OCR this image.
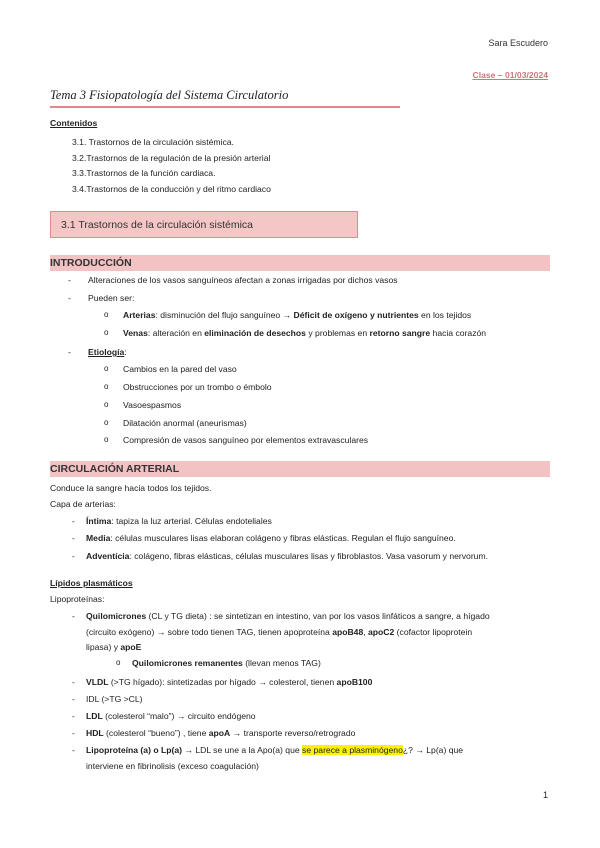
Sara Escudero
Clase – 01/03/2024
Tema 3 Fisiopatología del Sistema Circulatorio
Contenidos
3.1. Trastornos de la circulación sistémica.
3.2.Trastornos de la regulación de la presión arterial
3.3.Trastornos de la función cardiaca.
3.4.Trastornos de la conducción y del ritmo cardiaco
3.1 Trastornos de la circulación sistémica
INTRODUCCIÓN
- Alteraciones de los vasos sanguíneos afectan a zonas irrigadas por dichos vasos
- Pueden ser:
o Arterias: disminución del flujo sanguíneo → Déficit de oxígeno y nutrientes en los tejidos
o Venas: alteración en eliminación de desechos y problemas en retorno sangre hacia corazón
- Etiología:
o Cambios en la pared del vaso
o Obstrucciones por un trombo o émbolo
o Vasoespasmos
o Dilatación anormal (aneurismas)
o Compresión de vasos sanguíneo por elementos extravasculares
CIRCULACIÓN ARTERIAL
Conduce la sangre hacia todos los tejidos.
Capa de arterias:
- Íntima: tapiza la luz arterial. Células endoteliales
- Media: células musculares lisas elaboran colágeno y fibras elásticas. Regulan el flujo sanguíneo.
- Adventícia: colágeno, fibras elásticas, células musculares lisas y fibroblastos. Vasa vasorum y nervorum.
Lípidos plasmáticos
Lipoproteínas:
- Quilomicrones (CL y TG dieta) : se sintetizan en intestino, van por los vasos linfáticos a sangre, a hígado
(circuito exógeno) → sobre todo tienen TAG, tienen apoproteína apoB48, apoC2 (cofactor lipoprotein
lipasa) y apoE
o Quilomicrones remanentes (llevan menos TAG)
- VLDL (>TG hígado): sintetizadas por hígado → colesterol, tienen apoB100
- IDL (>TG >CL)
- LDL (colesterol “malo”) → circuito endógeno
- HDL (colesterol “bueno”) , tiene apoA → transporte reverso/retrogrado
- Lipoproteína (a) o Lp(a) → LDL se une a la Apo(a) que se parece a plasminógeno¿? → Lp(a) que
interviene en fibrinolisis (exceso coagulación)
1
